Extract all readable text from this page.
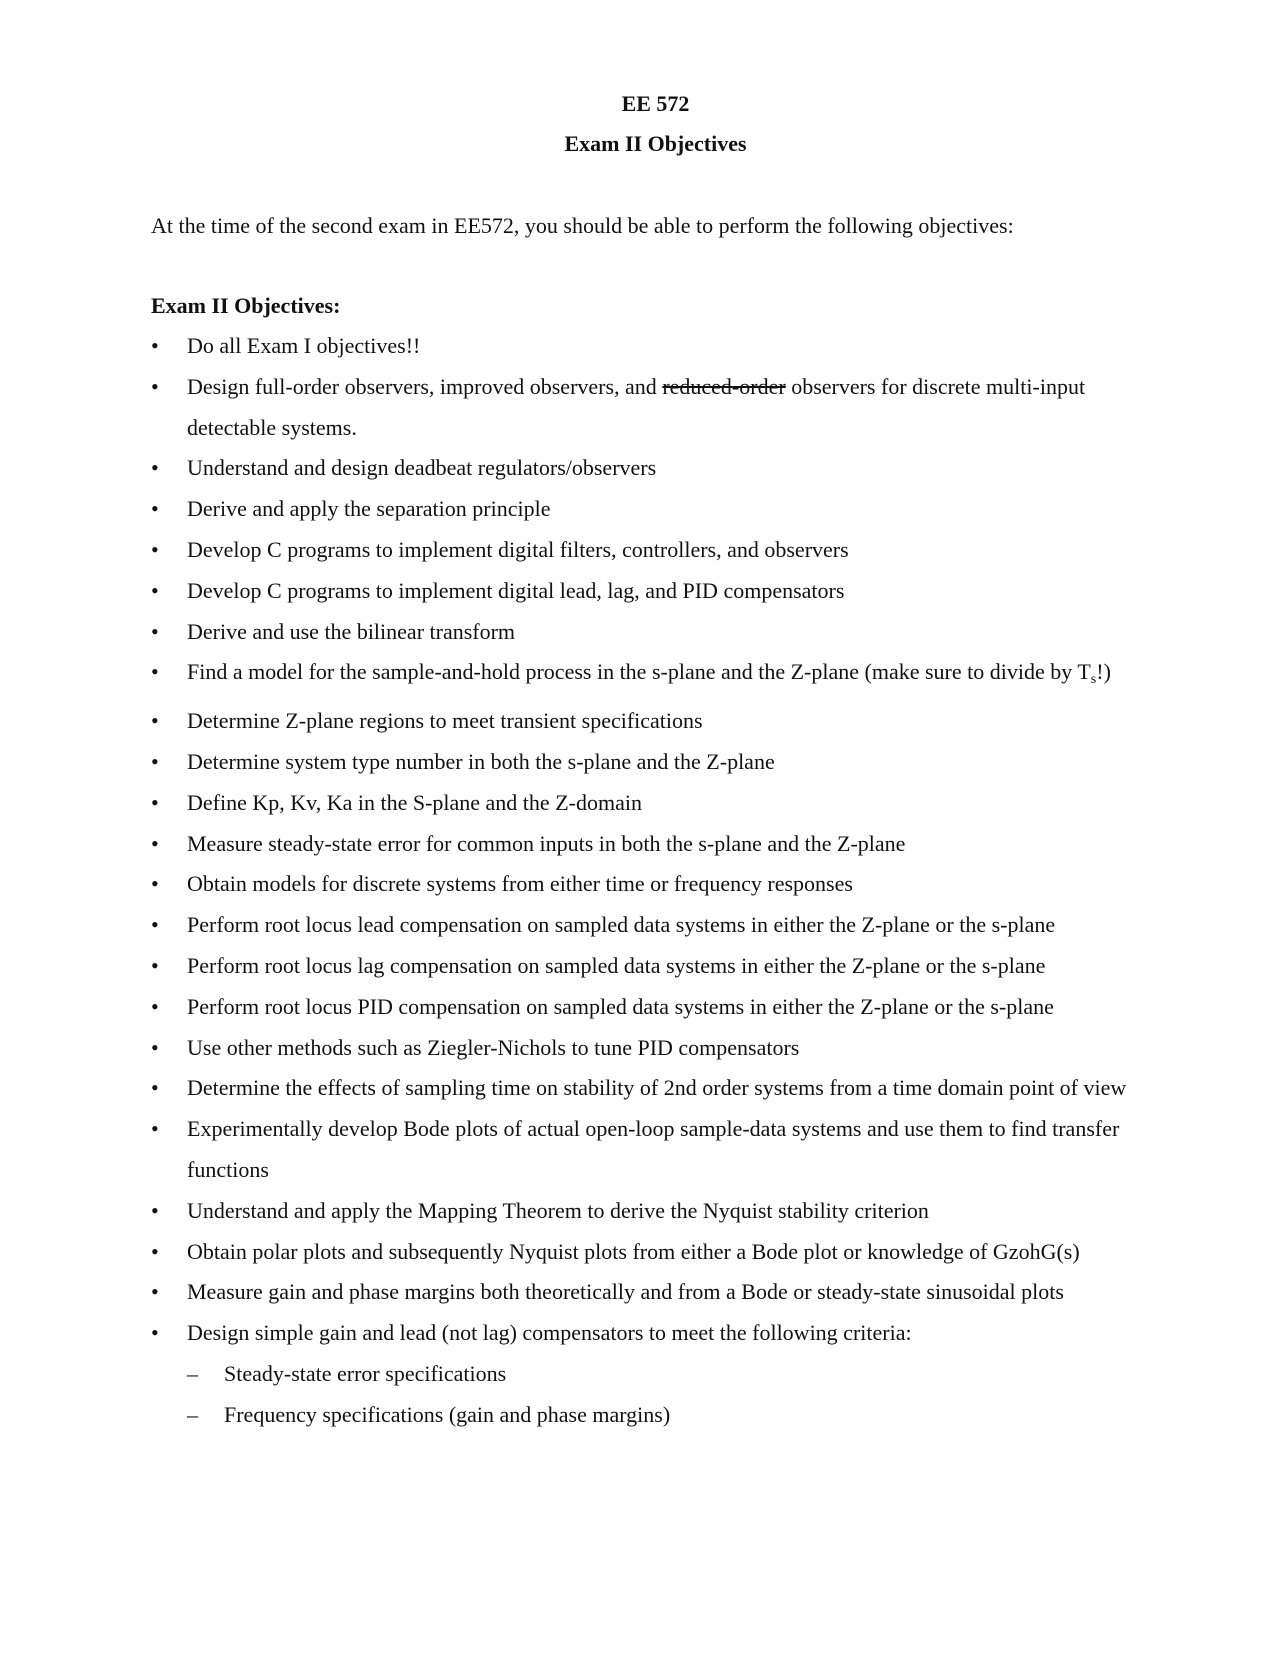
EE 572
Exam II Objectives

At the time of the second exam in EE572, you should be able to perform the following objectives:

Exam II Objectives:

• Do all Exam I objectives!!
• Design full-order observers, improved observers, and reduced-order observers for discrete multi-input detectable systems.
• Understand and design deadbeat regulators/observers
• Derive and apply the separation principle
• Develop C programs to implement digital filters, controllers, and observers
• Develop C programs to implement digital lead, lag, and PID compensators
• Derive and use the bilinear transform
• Find a model for the sample-and-hold process in the s-plane and the Z-plane (make sure to divide by $T_s$!)
• Determine Z-plane regions to meet transient specifications
• Determine system type number in both the s-plane and the Z-plane
• Define Kp, Kv, Ka in the S-plane and the Z-domain
• Measure steady-state error for common inputs in both the s-plane and the Z-plane
• Obtain models for discrete systems from either time or frequency responses
• Perform root locus lead compensation on sampled data systems in either the Z-plane or the s-plane
• Perform root locus lag compensation on sampled data systems in either the Z-plane or the s-plane
• Perform root locus PID compensation on sampled data systems in either the Z-plane or the s-plane
• Use other methods such as Ziegler-Nichols to tune PID compensators
• Determine the effects of sampling time on stability of 2nd order systems from a time domain point of view
• Experimentally develop Bode plots of actual open-loop sample-data systems and use them to find transfer functions
• Understand and apply the Mapping Theorem to derive the Nyquist stability criterion
• Obtain polar plots and subsequently Nyquist plots from either a Bode plot or knowledge of GzohG(s)
• Measure gain and phase margins both theoretically and from a Bode or steady-state sinusoidal plots
• Design simple gain and lead (not lag) compensators to meet the following criteria:
– Steady-state error specifications
– Frequency specifications (gain and phase margins)
